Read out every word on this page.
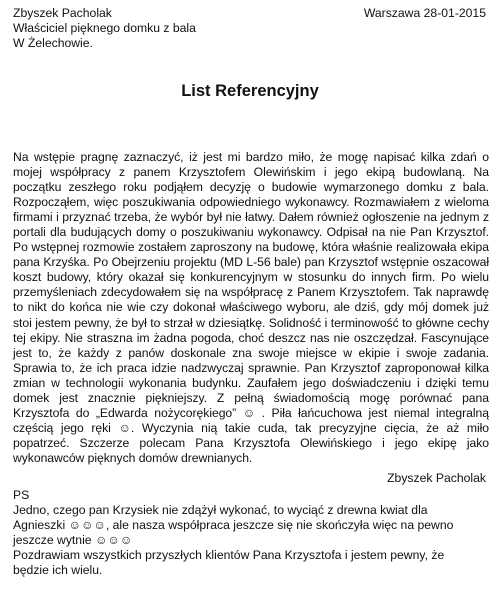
Zbyszek Pacholak
Właściciel pięknego domku z bala
W Żelechowie.
Warszawa 28-01-2015
List Referencyjny
Na wstępie pragnę zaznaczyć, iż jest mi bardzo miło, że mogę napisać kilka zdań o mojej współpracy z panem Krzysztofem Olewińskim i jego ekipą budowlaną. Na początku zeszłego roku podjąłem decyzję o budowie wymarzonego domku z bala. Rozpocząłem, więc poszukiwania odpowiedniego wykonawcy. Rozmawiałem z wieloma firmami i przyznać trzeba, że wybór był nie łatwy. Dałem również ogłoszenie na jednym z portali dla budujących domy o poszukiwaniu wykonawcy. Odpisał na nie Pan Krzysztof. Po wstępnej rozmowie zostałem zaproszony na budowę, która właśnie realizowała ekipa pana Krzyśka. Po Obejrzeniu projektu (MD L-56 bale) pan Krzysztof wstępnie oszacował koszt budowy, który okazał się konkurencyjnym w stosunku do innych firm. Po wielu przemyśleniach zdecydowałem się na współpracę z Panem Krzysztofem. Tak naprawdę to nikt do końca nie wie czy dokonał właściwego wyboru, ale dziś, gdy mój domek już stoi jestem pewny, że był to strzał w dziesiątkę. Solidność i terminowość to główne cechy tej ekipy. Nie straszna im żadna pogoda, choć deszcz nas nie oszczędzał. Fascynujące jest to, że każdy z panów doskonale zna swoje miejsce w ekipie i swoje zadania. Sprawia to, że ich praca idzie nadzwyczaj sprawnie. Pan Krzysztof zaproponował kilka zmian w technologii wykonania budynku. Zaufałem jego doświadczeniu i dzięki temu domek jest znacznie piękniejszy. Z pełną świadomością mogę porównać pana Krzysztofa do „Edwarda nożycorękiego” ☺ . Piła łańcuchowa jest niemal integralną częścią jego ręki ☺. Wyczynia nią takie cuda, tak precyzyjne cięcia, że aż miło popatrzeć. Szczerze polecam Pana Krzysztofa Olewińskiego i jego ekipę jako wykonawców pięknych domów drewnianych.
Zbyszek Pacholak
PS
Jedno, czego pan Krzysiek nie zdążył wykonać, to wyciąć z drewna kwiat dla
Agnieszki ☺☺☺, ale nasza współpraca jeszcze się nie skończyła więc na pewno
jeszcze wytnie ☺☺☺
Pozdrawiam wszystkich przyszłych klientów Pana Krzysztofa i jestem pewny, że
będzie ich wielu.
